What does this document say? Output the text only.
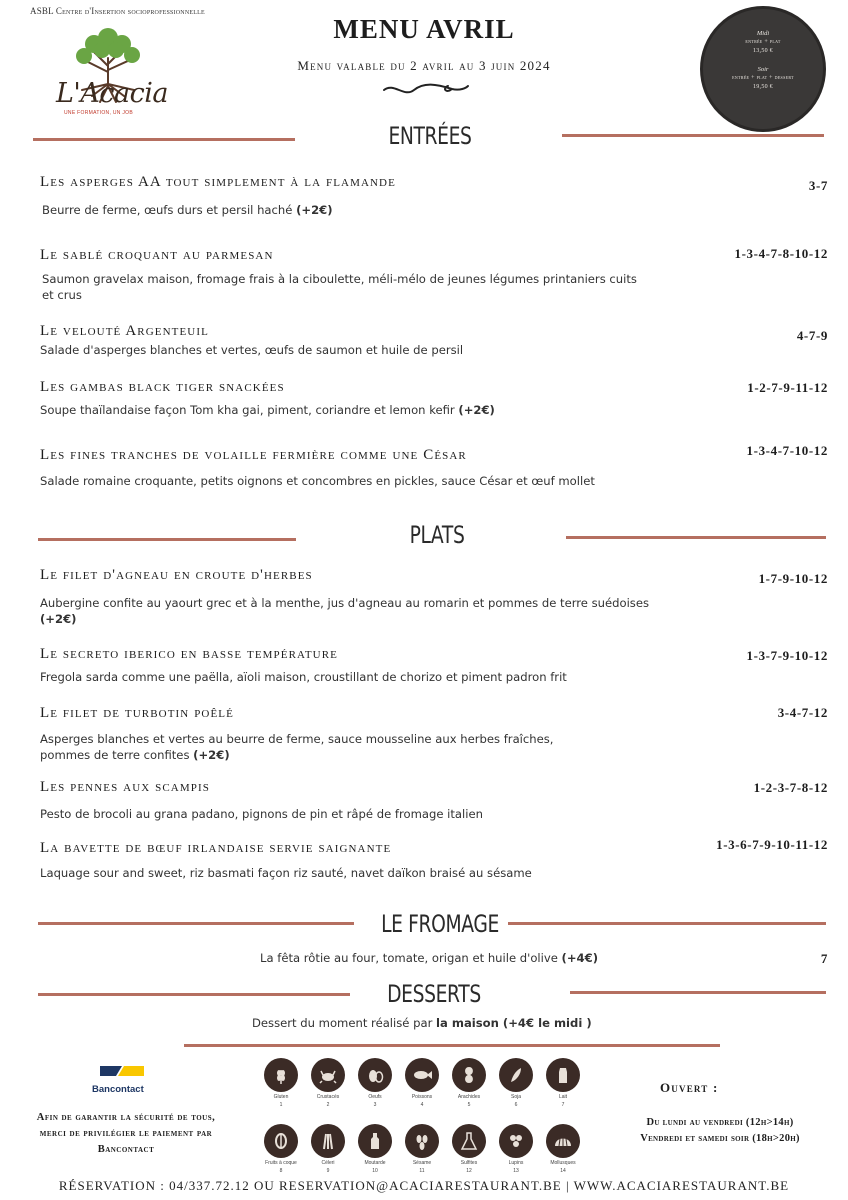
ASBL Centre d'Insertion socioprofessionnelle
L'Acacia
UNE FORMATION, UN JOB
MENU AVRIL
Menu valable du 2 avril au 3 juin 2024
Midi
entrée + plat
13,50 €
Soir
entrée + plat + dessert
19,50 €
ENTRÉES
Les asperges AA tout simplement à la flamande	3-7
Beurre de ferme, œufs durs et persil haché (+2€)
Le sablé croquant au parmesan	1-3-4-7-8-10-12
Saumon gravelax maison, fromage frais à la ciboulette, méli-mélo de jeunes légumes printaniers cuits et crus
Le velouté Argenteuil	4-7-9
Salade d'asperges blanches et vertes, œufs de saumon et huile de persil
Les gambas black tiger snackées	1-2-7-9-11-12
Soupe thaïlandaise façon Tom kha gai, piment, coriandre et lemon kefir (+2€)
Les fines tranches de volaille fermière comme une César	1-3-4-7-10-12
Salade romaine croquante, petits oignons et concombres en pickles, sauce César et œuf mollet
PLATS
Le filet d'agneau en croute d'herbes	1-7-9-10-12
Aubergine confite au yaourt grec et à la menthe, jus d'agneau au romarin et pommes de terre suédoises (+2€)
Le secreto iberico en basse température	1-3-7-9-10-12
Fregola sarda comme une paëlla, aïoli maison, croustillant de chorizo et piment padron frit
Le filet de turbotin poêlé	3-4-7-12
Asperges blanches et vertes au beurre de ferme, sauce mousseline aux herbes fraîches, pommes de terre confites (+2€)
Les pennes aux scampis	1-2-3-7-8-12
Pesto de brocoli au grana padano, pignons de pin et râpé de fromage italien
La bavette de bœuf irlandaise servie saignante	1-3-6-7-9-10-11-12
Laquage sour and sweet, riz basmati façon riz sauté, navet daïkon braisé au sésame
LE FROMAGE
La fêta rôtie au four, tomate, origan et huile d'olive (+4€)	7
DESSERTS
Dessert du moment réalisé par la maison (+4€ le midi )
Bancontact
Afin de garantir la sécurité de tous, merci de privilégier le paiement par Bancontact
Gluten
1
Crustacés
2
Oeufs
3
Poissons
4
Arachides
5
Soja
6
Lait
7
Fruits à coque
8
Céleri
9
Moutarde
10
Sésame
11
Sulfites
12
Lupins
13
Mollusques
14
Ouvert :
Du lundi au vendredi (12h>14h)
Vendredi et samedi soir (18h>20h)
RÉSERVATION : 04/337.72.12 OU RESERVATION@ACACIARESTAURANT.BE | WWW.ACACIARESTAURANT.BE
